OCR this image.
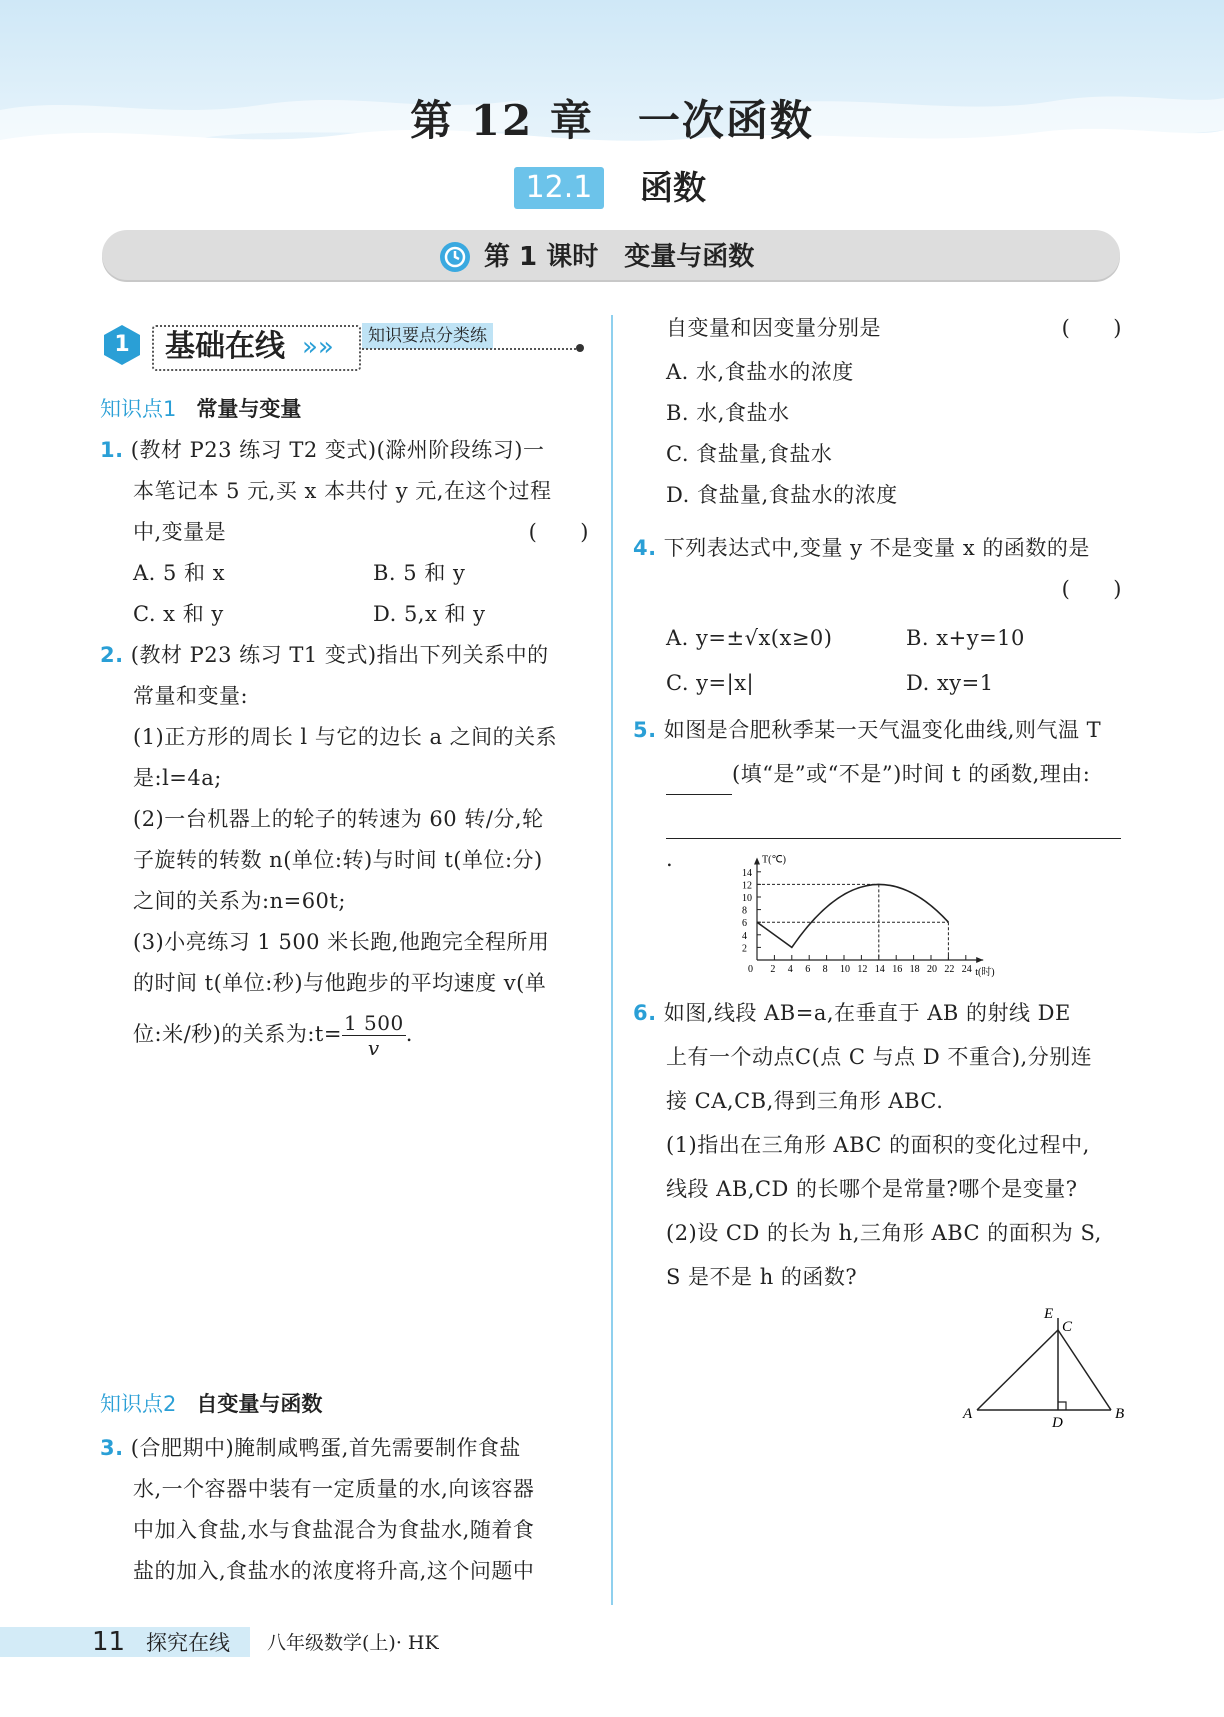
第 12 章　一次函数
12.1	函数
第 1 课时　变量与函数
1	基础在线 »»	知识要点分类练
知识点1 常量与变量
1. (教材 P23 练习 T2 变式)(滁州阶段练习)一
本笔记本 5 元,买 x 本共付 y 元,在这个过程
中,变量是	(　　)
A. 5 和 x	B. 5 和 y
C. x 和 y	D. 5,x 和 y
2. (教材 P23 练习 T1 变式)指出下列关系中的
常量和变量:
(1)正方形的周长 l 与它的边长 a 之间的关系
是:l=4a;
(2)一台机器上的轮子的转速为 60 转/分,轮
子旋转的转数 n(单位:转)与时间 t(单位:分)
之间的关系为:n=60t;
(3)小亮练习 1 500 米长跑,他跑完全程所用
的时间 t(单位:秒)与他跑步的平均速度 v(单
位:米/秒)的关系为:t= $\frac{1 500}{v}$ .
知识点2 自变量与函数
3. (合肥期中)腌制咸鸭蛋,首先需要制作食盐
水,一个容器中装有一定质量的水,向该容器
中加入食盐,水与食盐混合为食盐水,随着食
盐的加入,食盐水的浓度将升高,这个问题中
自变量和因变量分别是	(　　)
A. 水,食盐水的浓度
B. 水,食盐水
C. 食盐量,食盐水
D. 食盐量,食盐水的浓度
4. 下列表达式中,变量 y 不是变量 x 的函数的是
(　　)
A. y=±√x(x≥0)	B. x+y=10
C. y=|x|	D. xy=1
5. 如图是合肥秋季某一天气温变化曲线,则气温 T
(填“是”或“不是”)时间 t 的函数,理由:
.
0 2 4 6 8 10 12 14 16 18 20 22 24
2
4
6
8
10
12
14
T(℃)
t(时)
6. 如图,线段 AB=a,在垂直于 AB 的射线 DE
上有一个动点C(点 C 与点 D 不重合),分别连
接 CA,CB,得到三角形 ABC.
(1)指出在三角形 ABC 的面积的变化过程中,
线段 AB,CD 的长哪个是常量?哪个是变量?
(2)设 CD 的长为 h,三角形 ABC 的面积为 S,
S 是不是 h 的函数?
E
C
A
D
B
11 探究在线 八年级数学(上)· HK
